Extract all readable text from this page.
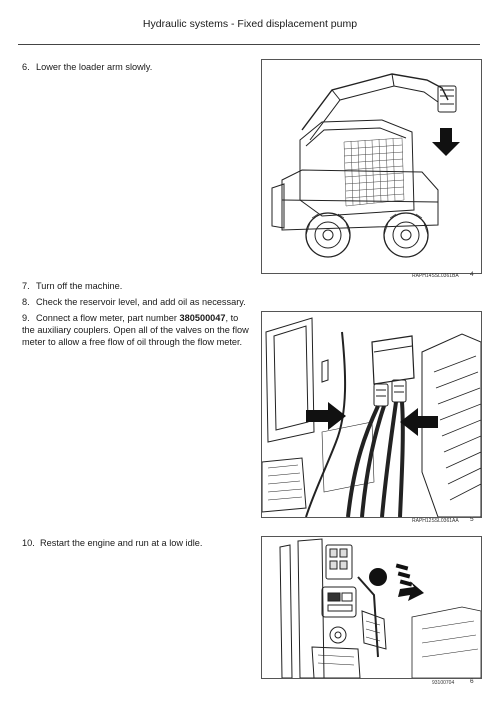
Hydraulic systems - Fixed displacement pump
6. Lower the loader arm slowly.
RAPH14SSL0361BA 4
7. Turn off the machine.
8. Check the reservoir level, and add oil as necessary.
9. Connect a flow meter, part number 380500047, to the auxiliary couplers. Open all of the valves on the flow meter to allow a free flow of oil through the flow meter.
RAPH12SSL0361AA 5
10. Restart the engine and run at a low idle.
93100704 6
